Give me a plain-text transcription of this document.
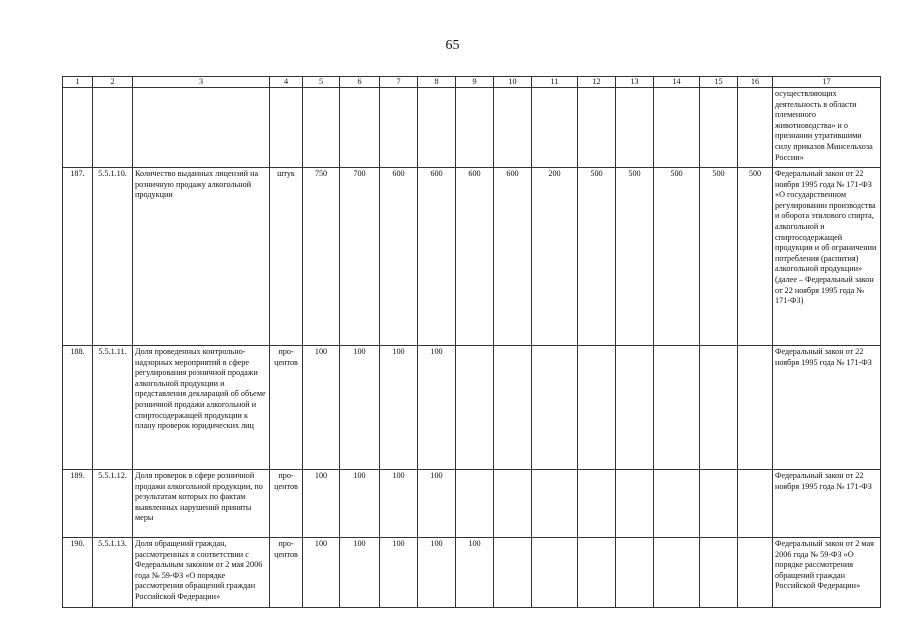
65
1	2	3	4	5	6	7	8	9	10	11	12	13	14	15	16	17
																осуществляющих деятельность в области племенного животноводства» и о признании утратившими силу приказов Минсельхоза России»
187.	5.5.1.10.	Количество выданных лицензий на розничную продажу алкогольной продукции	штук	750	700	600	600	600	600	200	500	500	500	500	500	Федеральный закон от 22 ноября 1995 года № 171-ФЗ «О государственном регулировании производства и оборота этилового спирта, алкогольной и спиртосодержащей продукции и об ограничении потребления (распития) алкогольной продукции» (далее – Федеральный закон от 22 ноября 1995 года № 171-ФЗ)
188.	5.5.1.11.	Доля проведенных контрольно-надзорных мероприятий в сфере регулирования розничной продажи алкогольной продукции и представления деклараций об объеме розничной продажи алкогольной и спиртосодержащей продукции к плану проверок юридических лиц	про-центов	100	100	100	100									Федеральный закон от 22 ноября 1995 года № 171-ФЗ
189.	5.5.1.12.	Доля проверок в сфере розничной продажи алкогольной продукции, по результатам которых по фактам выявленных нарушений приняты меры	про-центов	100	100	100	100									Федеральный закон от 22 ноября 1995 года № 171-ФЗ
190.	5.5.1.13.	Доля обращений граждан, рассмотренных в соответствии с Федеральным законом от 2 мая 2006 года № 59-ФЗ «О порядке рассмотрения обращений граждан Российской Федерации»	про-центов	100	100	100	100	100								Федеральный закон от 2 мая 2006 года № 59-ФЗ «О порядке рассмотрения обращений граждан Российской Федерации»
